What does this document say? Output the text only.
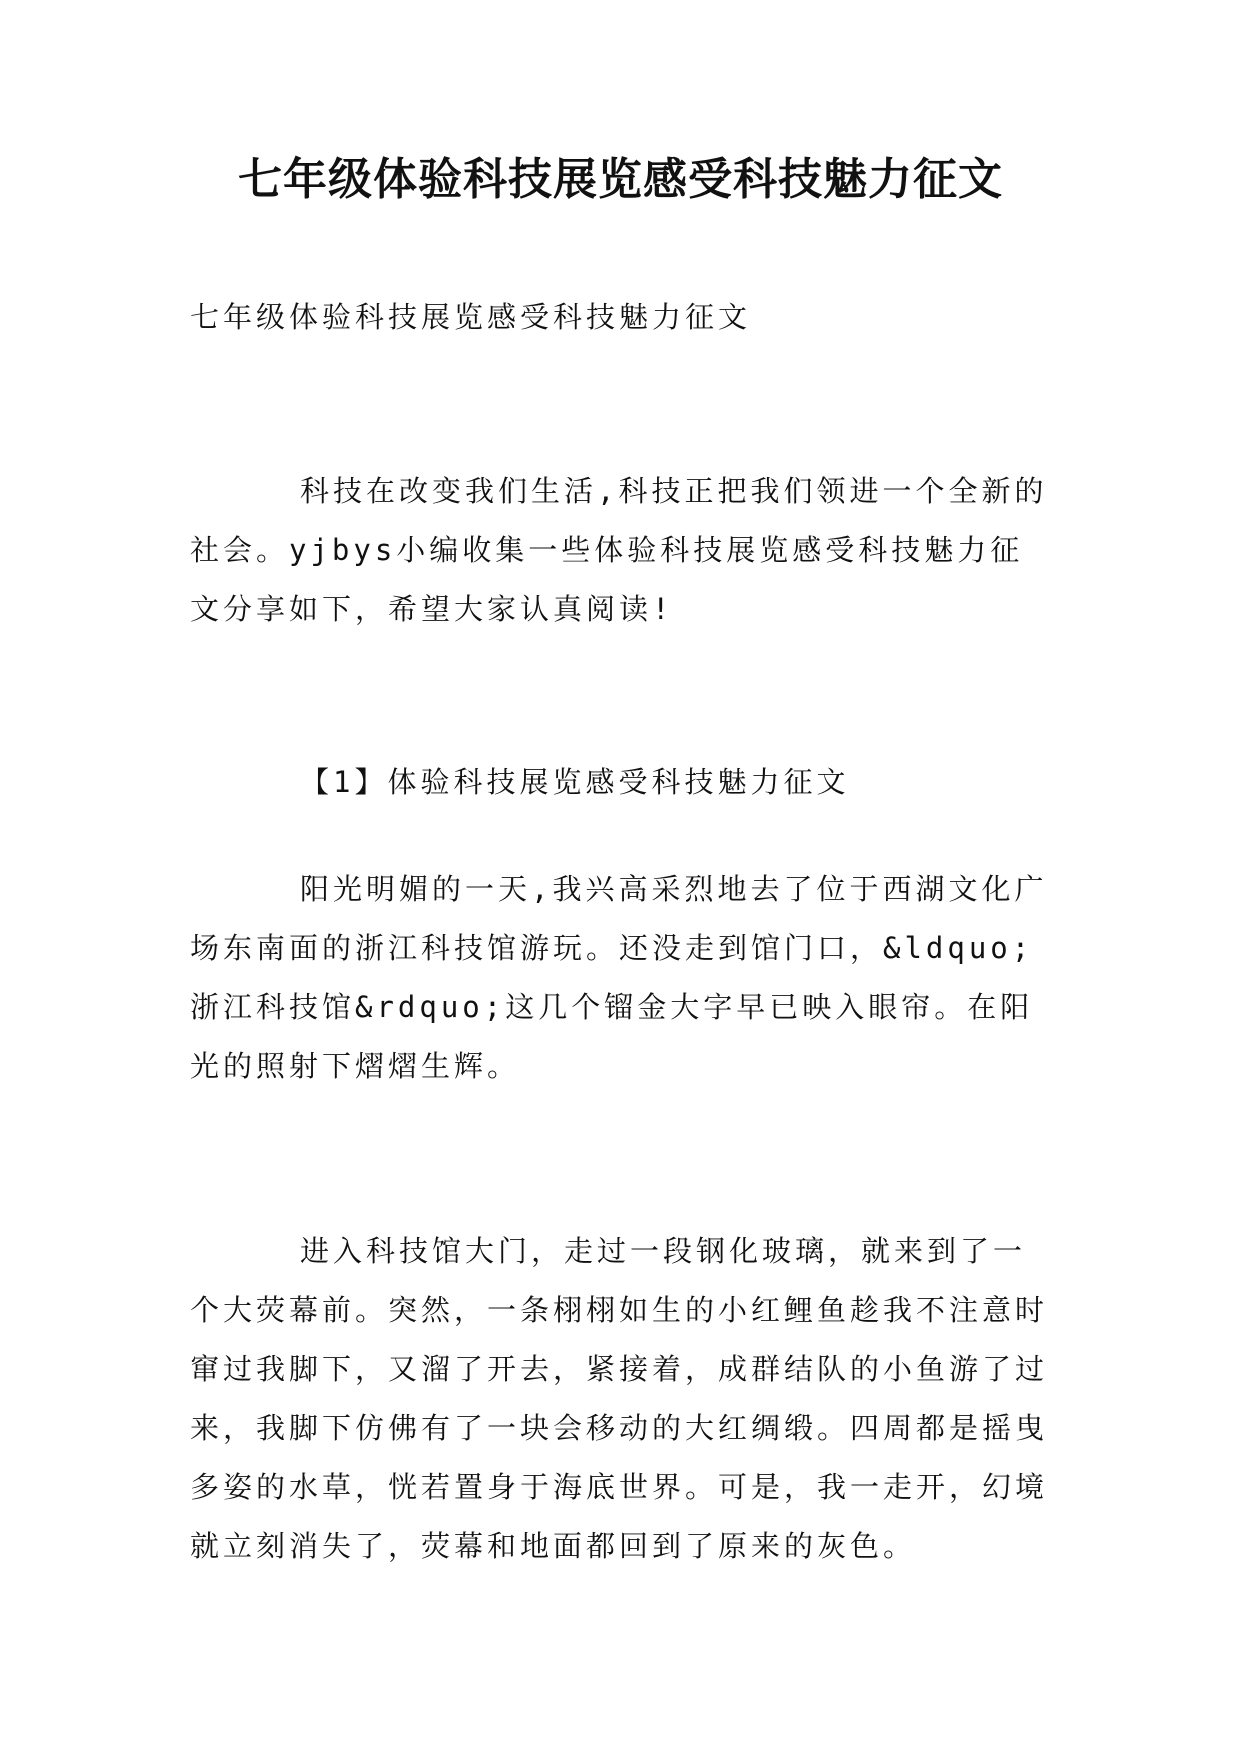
七年级体验科技展览感受科技魅力征文

七年级体验科技展览感受科技魅力征文

科技在改变我们生活,科技正把我们领进一个全新的社会。yjbys小编收集一些体验科技展览感受科技魅力征文分享如下，希望大家认真阅读!

【1】体验科技展览感受科技魅力征文

阳光明媚的一天,我兴高采烈地去了位于西湖文化广场东南面的浙江科技馆游玩。还没走到馆门口，&ldquo;浙江科技馆&rdquo;这几个镏金大字早已映入眼帘。在阳光的照射下熠熠生辉。

进入科技馆大门，走过一段钢化玻璃，就来到了一个大荧幕前。突然，一条栩栩如生的小红鲤鱼趁我不注意时窜过我脚下，又溜了开去，紧接着，成群结队的小鱼游了过来，我脚下仿佛有了一块会移动的大红绸缎。四周都是摇曳多姿的水草，恍若置身于海底世界。可是，我一走开，幻境就立刻消失了，荧幕和地面都回到了原来的灰色。
